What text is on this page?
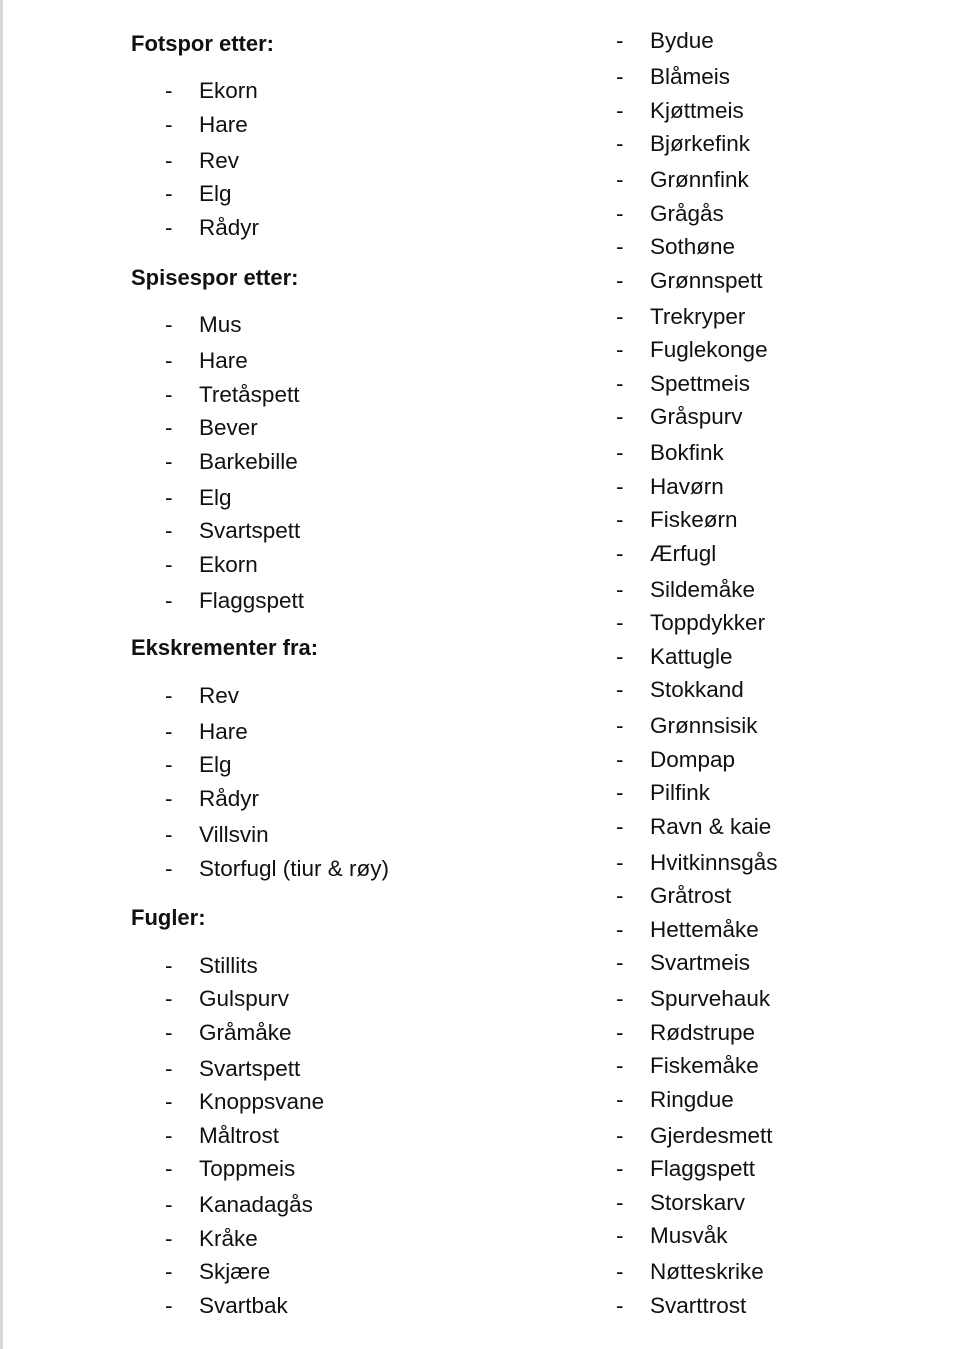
Fotspor etter:
- Ekorn
- Hare
- Rev
- Elg
- Rådyr
Spisespor etter:
- Mus
- Hare
- Tretåspett
- Bever
- Barkebille
- Elg
- Svartspett
- Ekorn
- Flaggspett
Ekskrementer fra:
- Rev
- Hare
- Elg
- Rådyr
- Villsvin
- Storfugl (tiur & røy)
Fugler:
- Stillits
- Gulspurv
- Gråmåke
- Svartspett
- Knoppsvane
- Måltrost
- Toppmeis
- Kanadagås
- Kråke
- Skjære
- Svartbak
- Bydue
- Blåmeis
- Kjøttmeis
- Bjørkefink
- Grønnfink
- Grågås
- Sothøne
- Grønnspett
- Trekryper
- Fuglekonge
- Spettmeis
- Gråspurv
- Bokfink
- Havørn
- Fiskeørn
- Ærfugl
- Sildemåke
- Toppdykker
- Kattugle
- Stokkand
- Grønnsisik
- Dompap
- Pilfink
- Ravn & kaie
- Hvitkinnsgås
- Gråtrost
- Hettemåke
- Svartmeis
- Spurvehauk
- Rødstrupe
- Fiskemåke
- Ringdue
- Gjerdesmett
- Flaggspett
- Storskarv
- Musvåk
- Nøtteskrike
- Svarttrost
